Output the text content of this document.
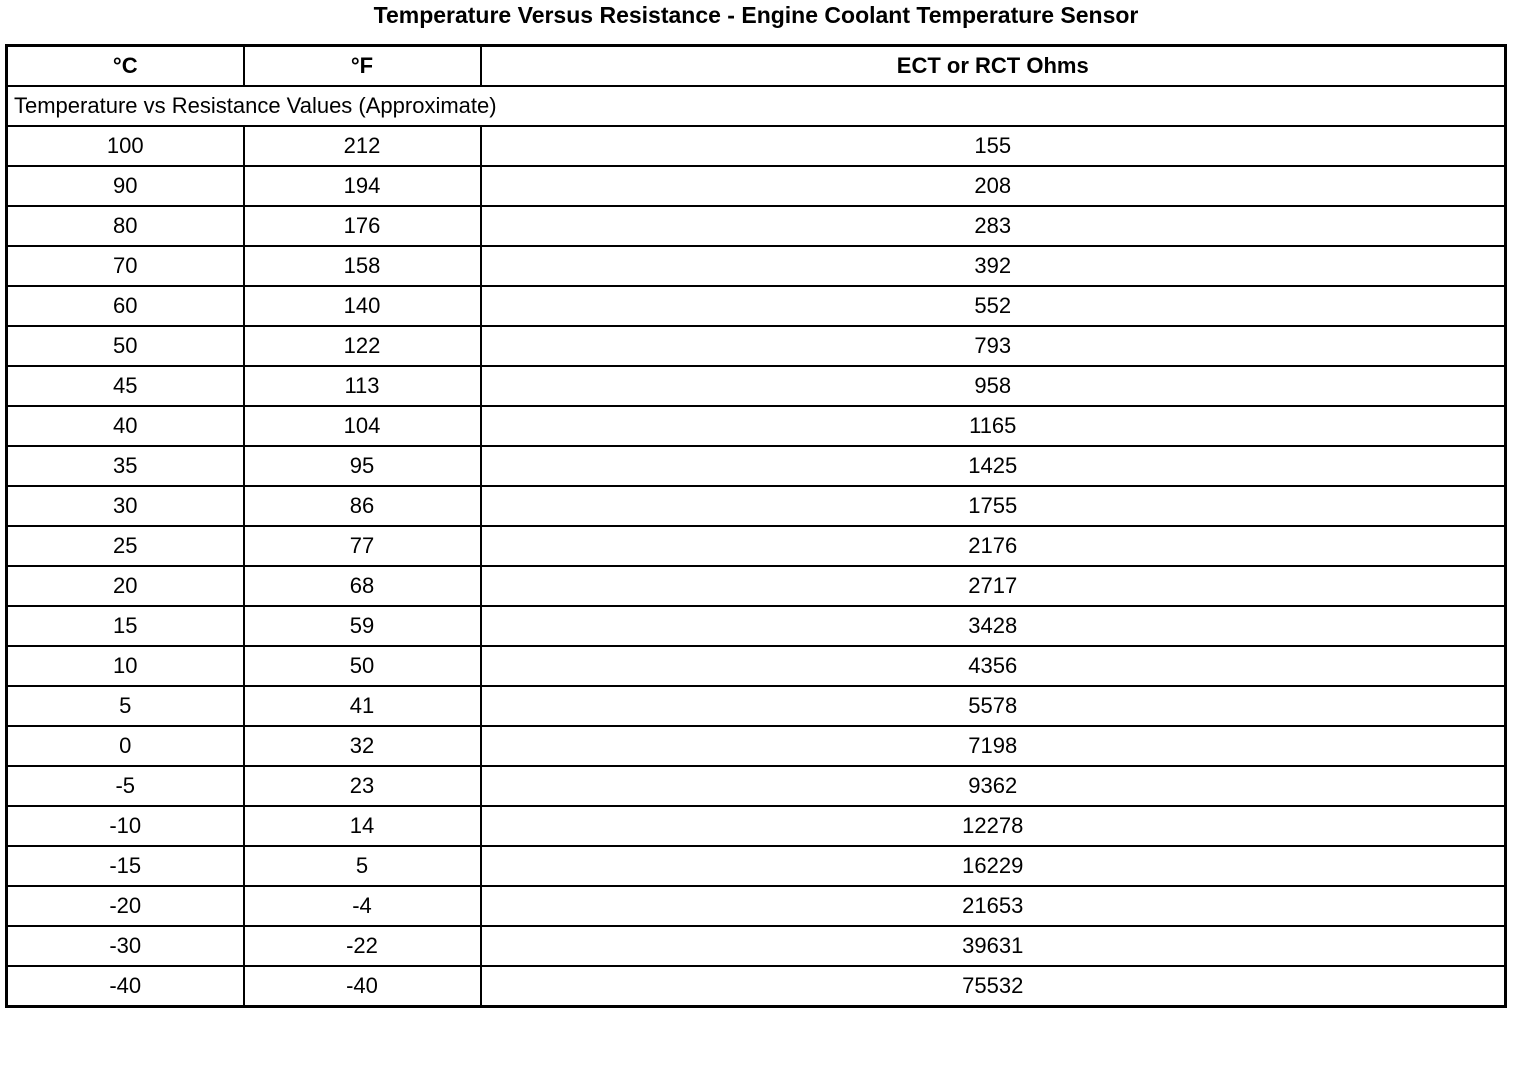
Temperature Versus Resistance - Engine Coolant Temperature Sensor
°C	°F	ECT or RCT Ohms
Temperature vs Resistance Values (Approximate)		
100	212	155
90	194	208
80	176	283
70	158	392
60	140	552
50	122	793
45	113	958
40	104	1165
35	95	1425
30	86	1755
25	77	2176
20	68	2717
15	59	3428
10	50	4356
5	41	5578
0	32	7198
-5	23	9362
-10	14	12278
-15	5	16229
-20	-4	21653
-30	-22	39631
-40	-40	75532
